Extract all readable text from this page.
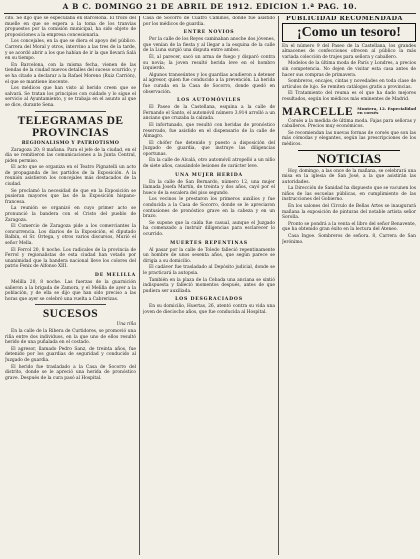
A B C. DOMINGO 21 DE ABRIL DE 1912. EDICION 1.ª PAG. 10.

cito. Se dijo que se especulaba en Barcelona. El trozo del muelle en que se espera a la toma de los tranvías propuestos por la comisión municipal, ha sido objeto de proposiciones a la empresa concesionaria.

Los concejales, en la que se diera el apoyo del público. Carrera del Moral y otros, intervino a las tres de la tarde, y se acordó abrir a los que habían de ir la que llevará Salá en su tiempo.

En Barcelona, con la misma fecha, vienen de las tiendas de la ciudad nuevos detalles del suceso ocurrido, y se ha citado a declarar a la Rafael Moreno (Ruiz Carrión), el que se mantiene inocente.

Los médicos que han visto al herido creen que se salvará. Se tratan los principios con cuidado y lo sigue el servicio al Ayuntamiento, y se trabaja en el asunto al que se dice, durante Sena.

TELEGRAMAS DE PROVINCIAS
REGIONALISMO Y PATRIOTISMO

Zaragoza 20; 8 mañana. Para el jefe de la ciudad, en el día se remitieron las comunicaciones a la Junta Central, piden permiso.

El acto que se organiza en el Teatro Pignatelli un acto de propaganda de los partidos de la Exposición. A la reunión asistieron los concejales más destacados de la ciudad.

Se proclamó la necesidad de que en la Exposición se pusieran mayores que las de la Exposición hispano-francesa.

La reunión se organizó en cuyo primer acto se pronunció la bandera con el Cristo del pueblo de Zaragoza.

El Comercio de Zaragoza pide a los comerciantes la concurrencia. Los diarios de la Exposición, el diputado Balbín, el Sr. Ortega, y otros varios discursos, Murió el señor Mella.

El Ferrol 20, 8 noche. Los radicales de la provincia de Ferrol y regionalistas de esta ciudad han votado por unanimidad que la bandera nacional lleve los colores del patrio Fenix de Alfonso XIII.

DE MELILLA

Melilla 20, 8 noche. Las fuerzas de la guarnición salieron a la brigada de Zamora, y el Melilla de ayer a la población, y de ella se dijo que han sido preciso a las horas que ayer se celebró una vuelta a Cabrerizas.

SUCESOS
Una riña

En la calle de la Ribera de Curtidores, se promovió una riña entre dos individuos, en la que uno de ellos resultó herido de una puñalada en el costado.

El agresor, llamado Pedro Sanz, de treinta años, fue detenido por los guardias de seguridad y conducido al Juzgado de guardia.

El herido fue trasladado a la Casa de Socorro del distrito, donde se le apreció una herida de pronóstico grave. Después de la cura pasó al Hospital.

Casa de Socorro de Cuatro Caminos, donde fue asistido por los médicos de guardia.

ENTRE NOVIOS

Por la calle de los Reyes caminaban anoche dos jóvenes, que venían de la fiesta y al llegar a la esquina de la calle de la Luna surgió una disputa entre ambos.

Él, al parecer, sacó un arma de fuego y disparó contra su novia; la joven resultó herida leve en el hombro izquierdo.

Algunos transeúntes y los guardias acudieron a detener al agresor, quien fue conducido a la prevención. La herida fue curada en la Casa de Socorro, donde quedó en observación.

LOS AUTOMÓVILES

El Paseo de la Castellana, esquina a la calle de Fernando el Santo, el automóvil número 3.914 arrolló a un anciano que cruzaba la calzada.

El infortunado, que resultó con heridas de pronóstico reservado, fue asistido en el dispensario de la calle de Almagro.

El chófer fue detenido y puesto a disposición del Juzgado de guardia, que instruye las diligencias oportunas.

En la calle de Alcalá, otro automóvil atropelló a un niño de siete años, causándole lesiones de carácter leve.

UNA MUJER HERIDA

En la calle de San Bernardo, número 12, una mujer llamada Josefa Martín, de treinta y dos años, cayó por el hueco de la escalera del piso segundo.

Los vecinos le prestaron los primeros auxilios y fue conducida a la Casa de Socorro, donde se le apreciaron contusiones de pronóstico grave en la cabeza y en un brazo.

Se supone que la caída fue casual, aunque el Juzgado ha comenzado a instruir diligencias para esclarecer lo ocurrido.

MUERTES REPENTINAS

Al pasar por la calle de Toledo falleció repentinamente un hombre de unos sesenta años, que según parece se dirigía a su domicilio.

El cadáver fue trasladado al Depósito judicial, donde se le practicará la autopsia.

También en la plaza de la Cebada una anciana se sintió indispuesta y falleció momentos después, antes de que pudiera ser auxiliada.

LOS DESGRACIADOS

En su domicilio, Huertas, 26, atentó contra su vida una joven de dieciocho años, que fue conducida al Hospital.

PUBLICIDAD RECOMENDADA
¡Como un tesoro!

En el número 9 del Paseo de la Castellana, los grandes almacenes de confecciones ofrecen al público la más variada colección de trajes para señora y caballero.

Modelos de la última moda de París y Londres, a precios sin competencia. No dejen de visitar esta casa antes de hacer sus compras de primavera.

Sombreros, encajes, cintas y novedades en toda clase de artículos de lujo. Se remiten catálogos gratis a provincias.

El Tratamiento del reuma es el que ha dado mejores resultados, según los médicos más eminentes de Madrid.

MARCELLE	Montera, 12. Especialidad en corsés

Corsés a la medida de última moda. Fajas para señoras y caballeros. Precios muy económicos.

Se recomiendan las nuevas formas de corsés que son las más cómodas y elegantes, según las prescripciones de los médicos.

NOTICIAS

Hoy, domingo, a las once de la mañana, se celebrará una misa en la iglesia de San José, a la que asistirán las autoridades.

La Dirección de Sanidad ha dispuesto que se vacunen los niños de las escuelas públicas, en cumplimiento de las instrucciones del Gobierno.

En los salones del Círculo de Bellas Artes se inaugurará mañana la exposición de pinturas del notable artista señor Sorolla.

Pronto se pondrá a la venta el libro del señor Benavente, que ha obtenido gran éxito en la lectura del Ateneo.

Casa Ingoe. Sombreros de señora. 8, Carrera de San Jerónimo.
